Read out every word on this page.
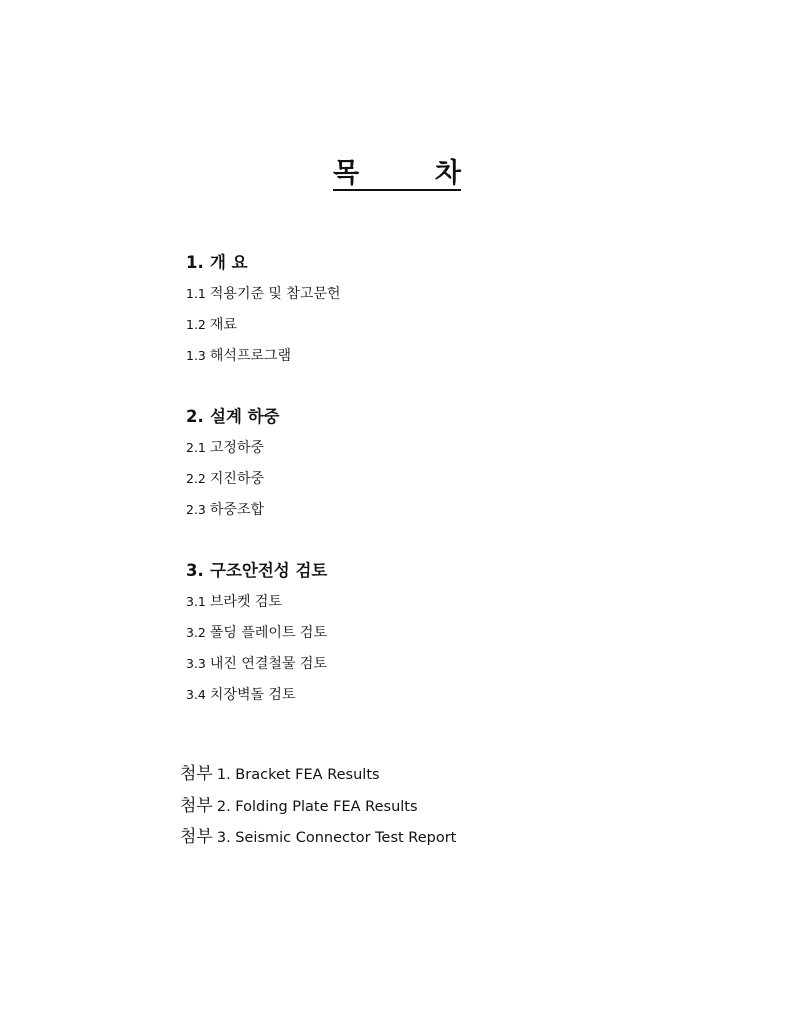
목	차
1. 개 요
1.1 적용기준 및 참고문헌
1.2 재료
1.3 해석프로그램
2. 설계 하중
2.1 고정하중
2.2 지진하중
2.3 하중조합
3. 구조안전성 검토
3.1 브라켓 검토
3.2 폴딩 플레이트 검토
3.3 내진 연결철물 검토
3.4 치장벽돌 검토
첨부 1. Bracket FEA Results
첨부 2. Folding Plate FEA Results
첨부 3. Seismic Connector Test Report
